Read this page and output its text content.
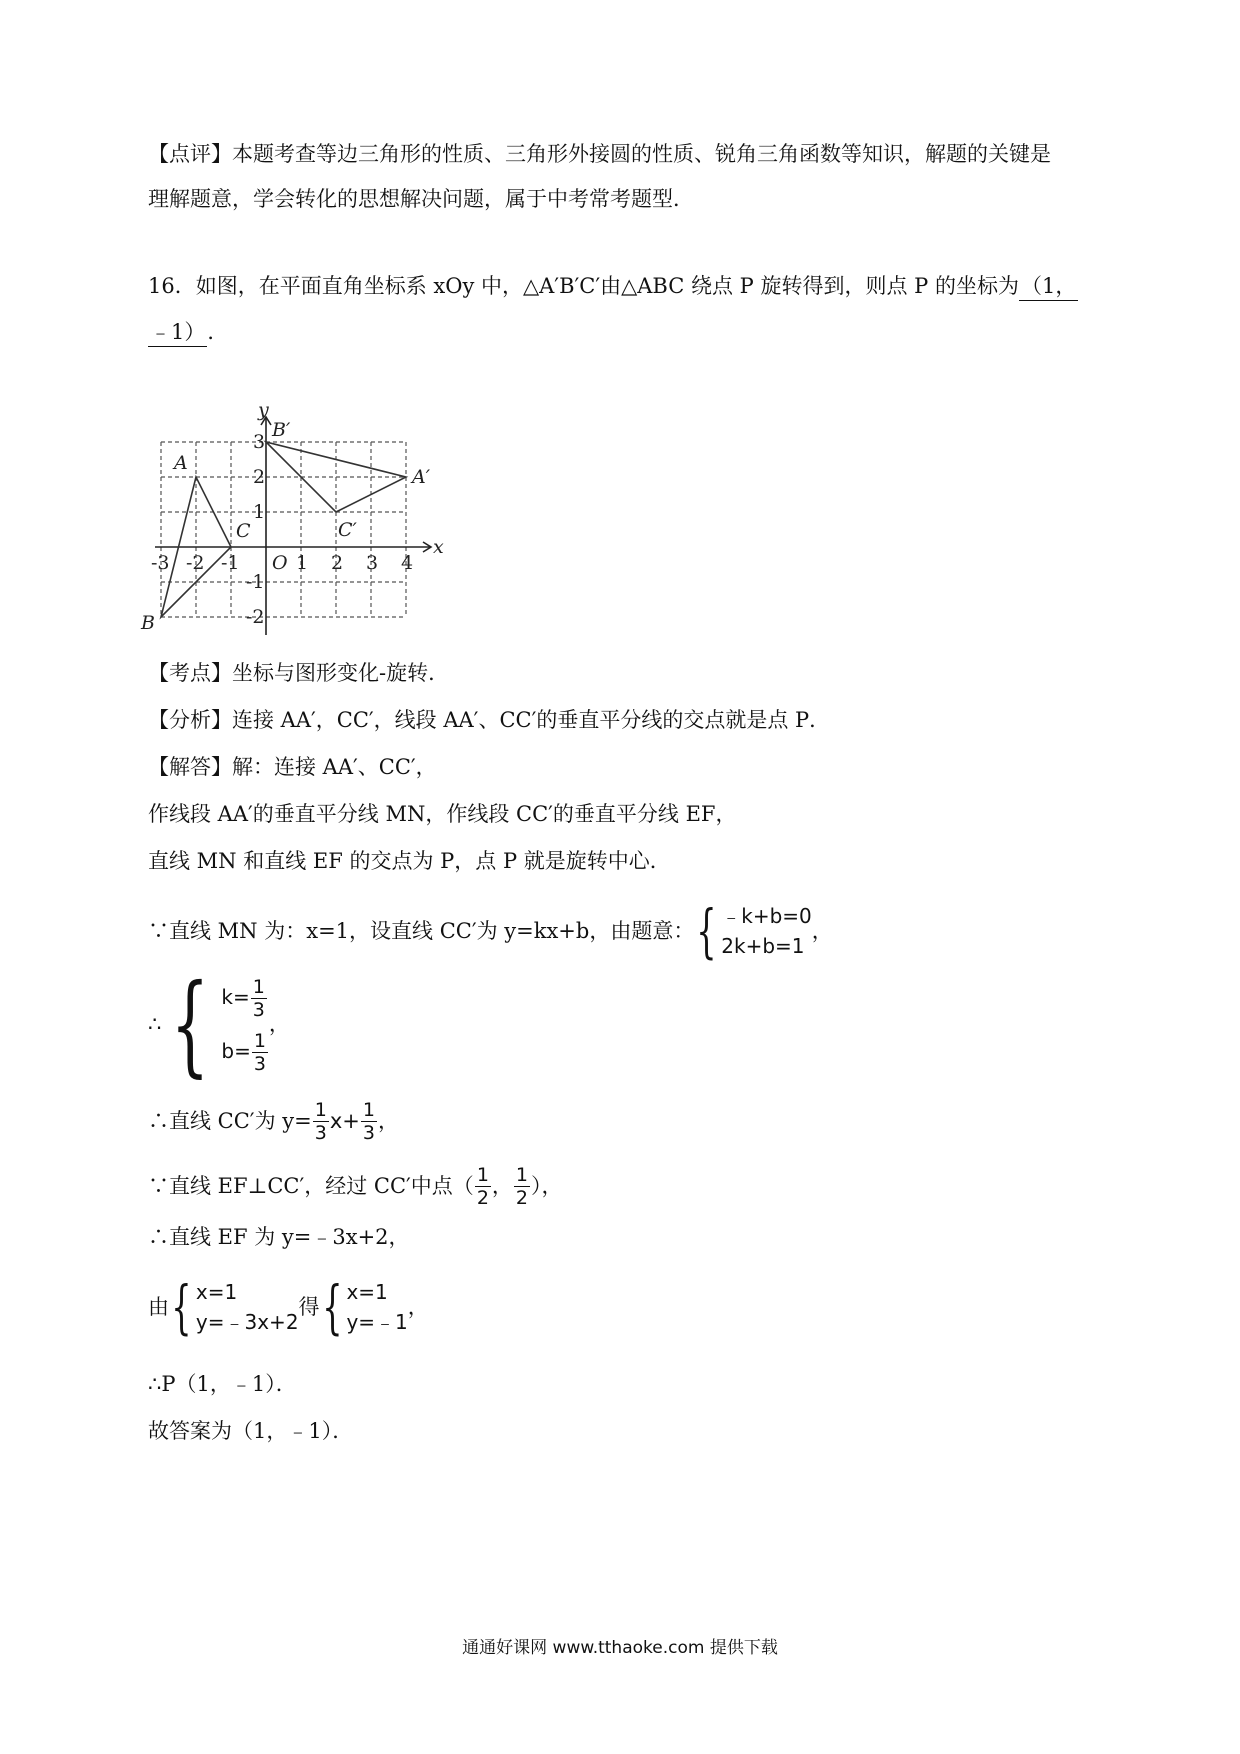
【点评】本题考查等边三角形的性质、三角形外接圆的性质、锐角三角函数等知识，解题的关键是
理解题意，学会转化的思想解决问题，属于中考常考题型．
16．如图，在平面直角坐标系 xOy 中，△A′B′C′由△ABC 绕点 P 旋转得到，则点 P 的坐标为（1，
﹣1）．
x
y
O
-3 -2 -1	1 2 3 4
3
2
1
-1
-2
A
B
C
A′
B′
C′
【考点】坐标与图形变化-旋转．
【分析】连接 AA′，CC′，线段 AA′、CC′的垂直平分线的交点就是点 P．
【解答】解：连接 AA′、CC′，
作线段 AA′的垂直平分线 MN，作线段 CC′的垂直平分线 EF，
直线 MN 和直线 EF 的交点为 P，点 P 就是旋转中心．
∵直线 MN 为：x=1，设直线 CC′为 y=kx+b，由题意： { ﹣k+b=0
2k+b=1
，
∴ { $k= \frac{1}{3}$
$b= \frac{1}{3}$
，
∴直线 CC′为 $y= \frac{1}{3} x+ \frac{1}{3}$ ，
∵直线 EF⊥CC′，经过 CC′中点（ $\frac{1}{2}$ ， $\frac{1}{2}$ ），
∴直线 EF 为 y=﹣3x+2，
由 { x=1
y=﹣3x+2
得 { x=1
y=﹣1
，
∴P（1，﹣1）．
故答案为（1，﹣1）．
通通好课网 www.tthaoke.com 提供下载
